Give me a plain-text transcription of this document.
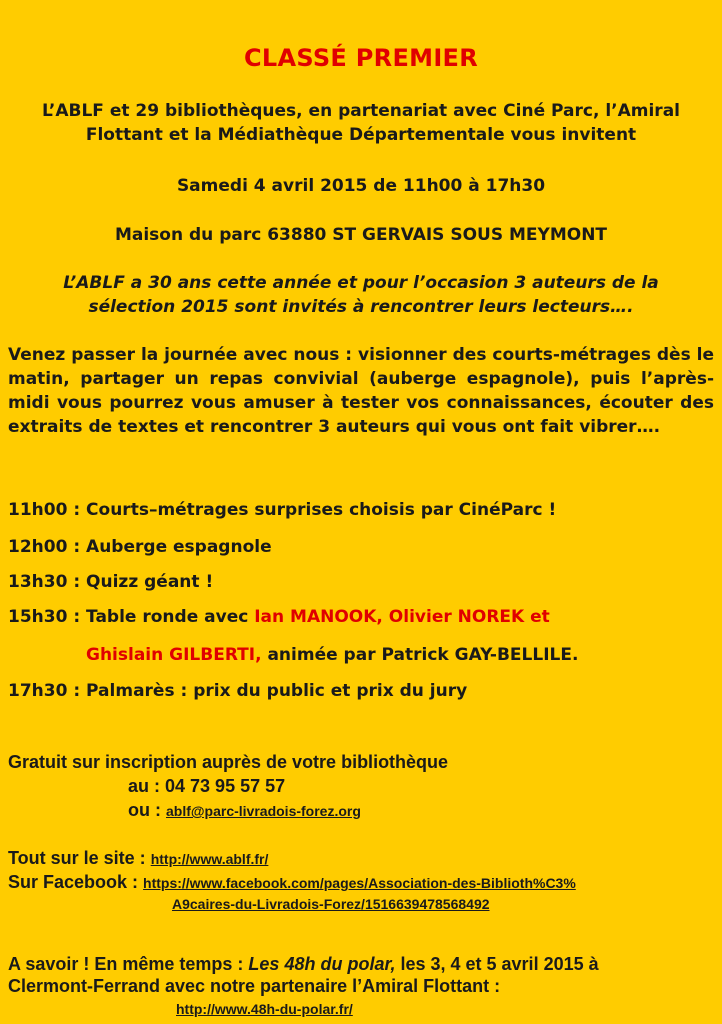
CLASSÉ PREMIER
L’ABLF et 29 bibliothèques, en partenariat avec Ciné Parc, l’Amiral
Flottant et la Médiathèque Départementale vous invitent
Samedi 4 avril 2015 de 11h00 à 17h30
Maison du parc 63880 ST GERVAIS SOUS MEYMONT
L’ABLF a 30 ans cette année et pour l’occasion 3 auteurs de la
sélection 2015 sont invités à rencontrer leurs lecteurs….
Venez passer la journée avec nous : visionner des courts-métrages dès le matin, partager un repas convivial (auberge espagnole), puis l’après-midi vous pourrez vous amuser à tester vos connaissances, écouter des extraits de textes et rencontrer 3 auteurs qui vous ont fait vibrer….
11h00 : Courts–métrages surprises choisis par CinéParc !
12h00 : Auberge espagnole
13h30 : Quizz géant !
15h30 : Table ronde avec Ian MANOOK, Olivier NOREK et
Ghislain GILBERTI, animée par Patrick GAY-BELLILE.
17h30 : Palmarès : prix du public et prix du jury
Gratuit sur inscription auprès de votre bibliothèque
au : 04 73 95 57 57
ou : ablf@parc-livradois-forez.org
Tout sur le site : http://www.ablf.fr/
Sur Facebook : https://www.facebook.com/pages/Association-des-Biblioth%C3%
A9caires-du-Livradois-Forez/1516639478568492
A savoir ! En même temps : Les 48h du polar, les 3, 4 et 5 avril 2015 à
Clermont-Ferrand avec notre partenaire l’Amiral Flottant :
http://www.48h-du-polar.fr/
